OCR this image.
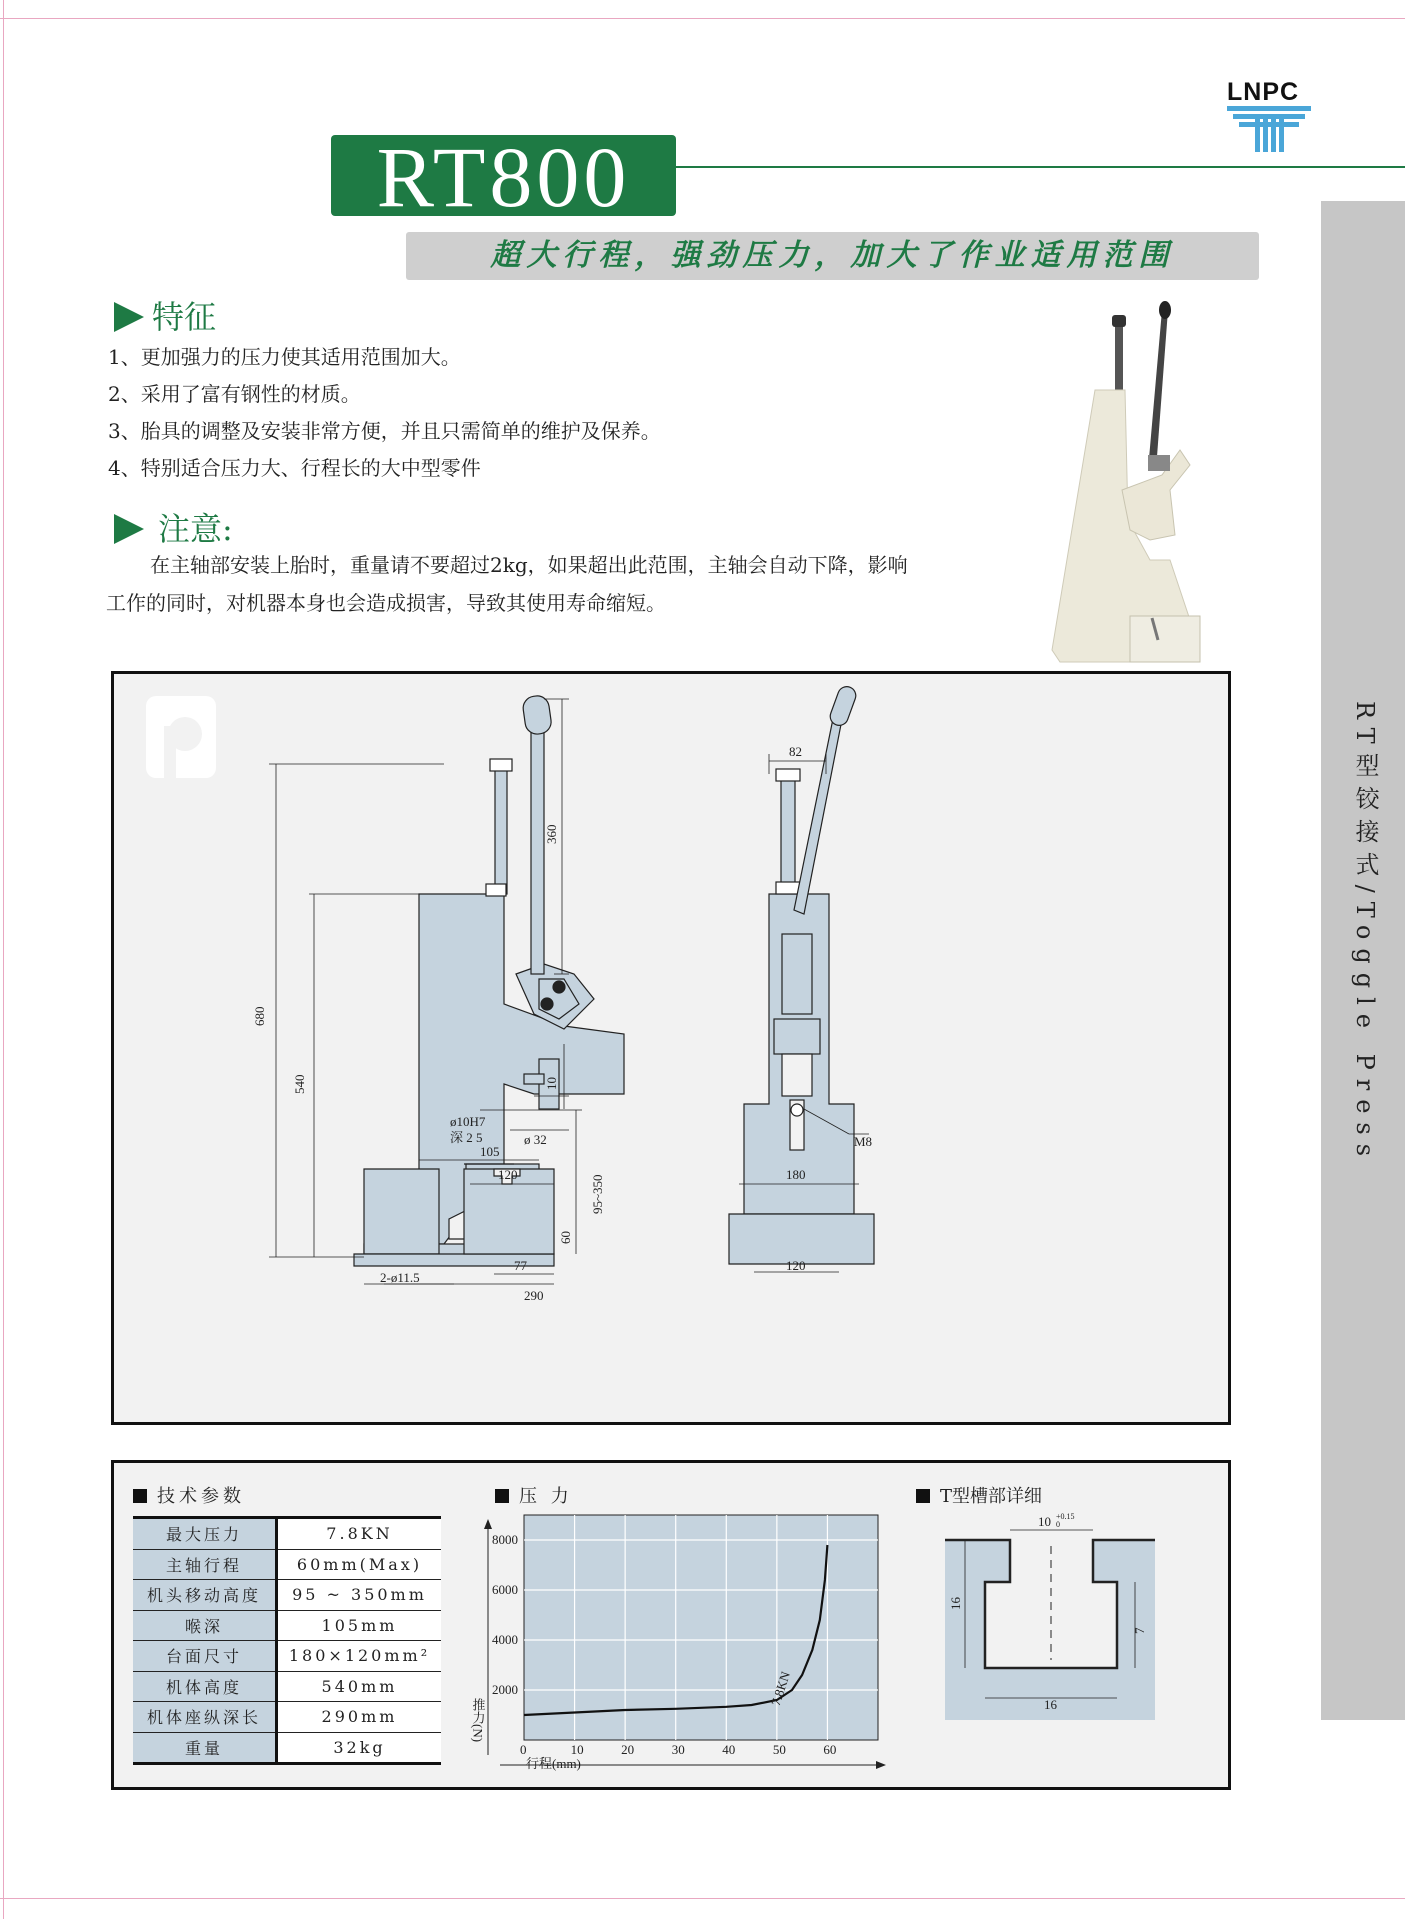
LNPC
RT800
超大行程，强劲压力，加大了作业适用范围
特征
1、更加强力的压力使其适用范围加大。
2、采用了富有钢性的材质。
3、胎具的调整及安装非常方便，并且只需简单的维护及保养。
4、特别适合压力大、行程长的大中型零件
注意:
在主轴部安装上胎时，重量请不要超过2kg，如果超出此范围，主轴会自动下降，影响
工作的同时，对机器本身也会造成损害，导致其使用寿命缩短。
RT型铰接式/Toggle Press
680
540
360
10
ø10H7
深 2 5	ø 32
105
120	95~350
60
77
2-ø11.5
290
82
M8
180
120
技术参数
最大压力	7.8KN
主轴行程	60mm(Max)
机头移动高度	95 ~ 350mm
喉深	105mm
台面尺寸	180×120mm²
机体高度	540mm
机体座纵深长	290mm
重量	32kg
压 力
0	10	20	30	40	50	60
2000
4000
6000
8000
7.8KN
推力(N)
行程(mm)
T型槽部详细
10 +0.15
0
16
7
16
